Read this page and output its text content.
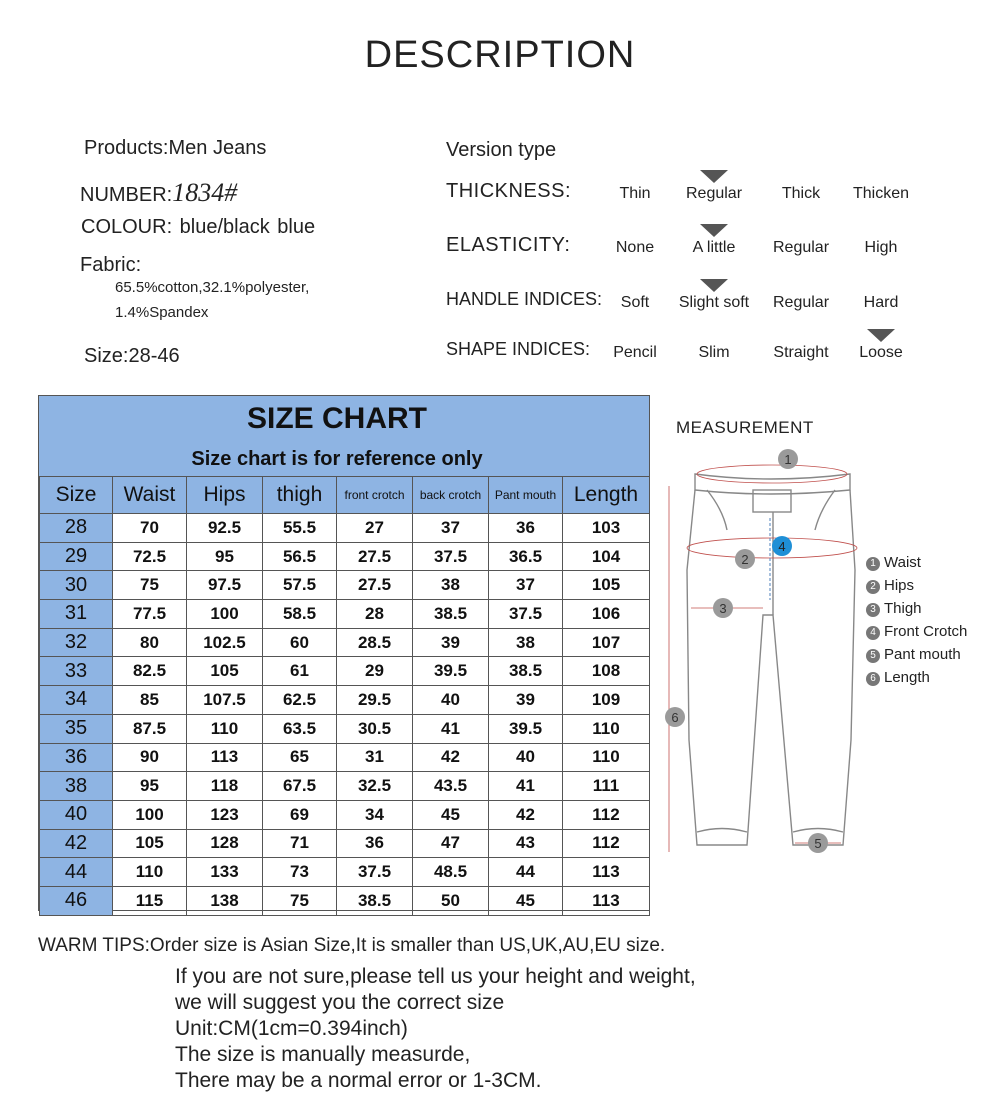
DESCRIPTION
Products:Men Jeans
NUMBER:1834#
COLOUR: blue/black blue
Fabric:
65.5%cotton,32.1%polyester,
1.4%Spandex
Size:28-46
Version type
THICKNESS:	Thin	Regular	Thick	Thicken
ELASTICITY:	None	A little	Regular	High
HANDLE INDICES:	Soft	Slight soft	Regular	Hard
SHAPE INDICES:	Pencil	Slim	Straight	Loose
SIZE CHART
Size chart is for reference only
Size	Waist	Hips	thigh	front crotch	back crotch	Pant mouth	Length
28	70	92.5	55.5	27	37	36	103
29	72.5	95	56.5	27.5	37.5	36.5	104
30	75	97.5	57.5	27.5	38	37	105
31	77.5	100	58.5	28	38.5	37.5	106
32	80	102.5	60	28.5	39	38	107
33	82.5	105	61	29	39.5	38.5	108
34	85	107.5	62.5	29.5	40	39	109
35	87.5	110	63.5	30.5	41	39.5	110
36	90	113	65	31	42	40	110
38	95	118	67.5	32.5	43.5	41	111
40	100	123	69	34	45	42	112
42	105	128	71	36	47	43	112
44	110	133	73	37.5	48.5	44	113
46	115	138	75	38.5	50	45	113
MEASUREMENT
1
2
3
4
5
6
1 Waist
2 Hips
3 Thigh
4 Front Crotch
5 Pant mouth
6 Length
WARM TIPS:Order size is Asian Size,It is smaller than US,UK,AU,EU size.
If you are not sure,please tell us your height and weight,
we will suggest you the correct size
Unit:CM(1cm=0.394inch)
The size is manually measurde,
There may be a normal error or 1-3CM.
